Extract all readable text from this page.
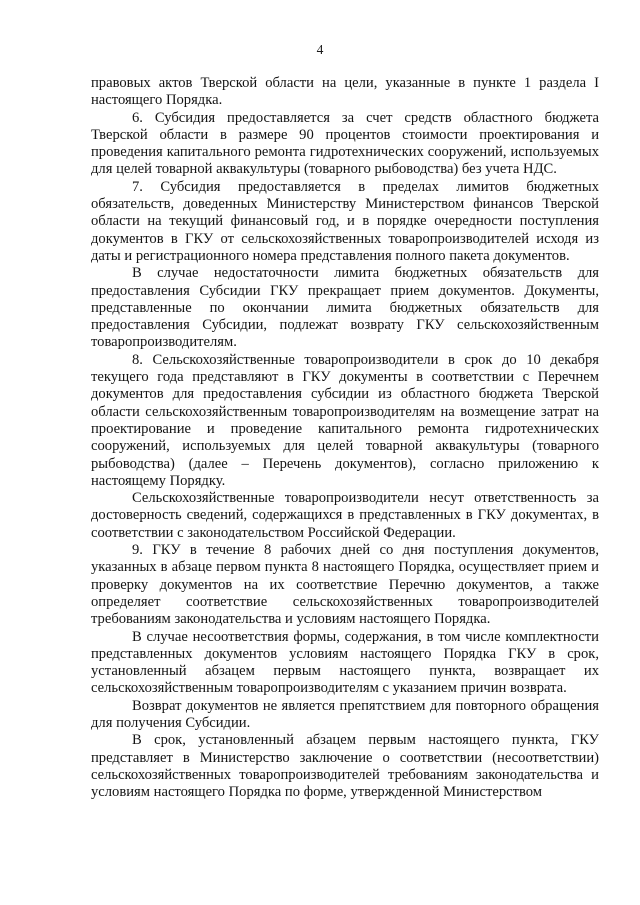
4

правовых актов Тверской области на цели, указанные в пункте 1 раздела I настоящего Порядка.

6. Субсидия предоставляется за счет средств областного бюджета Тверской области в размере 90 процентов стоимости проектирования и проведения капитального ремонта гидротехнических сооружений, используемых для целей товарной аквакультуры (товарного рыбоводства) без учета НДС.

7. Субсидия предоставляется в пределах лимитов бюджетных обязательств, доведенных Министерству Министерством финансов Тверской области на текущий финансовый год, и в порядке очередности поступления документов в ГКУ от сельскохозяйственных товаропроизводителей исходя из даты и регистрационного номера представления полного пакета документов.

В случае недостаточности лимита бюджетных обязательств для предоставления Субсидии ГКУ прекращает прием документов. Документы, представленные по окончании лимита бюджетных обязательств для предоставления Субсидии, подлежат возврату ГКУ сельскохозяйственным товаропроизводителям.

8. Сельскохозяйственные товаропроизводители в срок до 10 декабря текущего года представляют в ГКУ документы в соответствии с Перечнем документов для предоставления субсидии из областного бюджета Тверской области сельскохозяйственным товаропроизводителям на возмещение затрат на проектирование и проведение капитального ремонта гидротехнических сооружений, используемых для целей товарной аквакультуры (товарного рыбоводства) (далее – Перечень документов), согласно приложению к настоящему Порядку.

Сельскохозяйственные товаропроизводители несут ответственность за достоверность сведений, содержащихся в представленных в ГКУ документах, в соответствии с законодательством Российской Федерации.

9. ГКУ в течение 8 рабочих дней со дня поступления документов, указанных в абзаце первом пункта 8 настоящего Порядка, осуществляет прием и проверку документов на их соответствие Перечню документов, а также определяет соответствие сельскохозяйственных товаропроизводителей требованиям законодательства и условиям настоящего Порядка.

В случае несоответствия формы, содержания, в том числе комплектности представленных документов условиям настоящего Порядка ГКУ в срок, установленный абзацем первым настоящего пункта, возвращает их сельскохозяйственным товаропроизводителям с указанием причин возврата.

Возврат документов не является препятствием для повторного обращения для получения Субсидии.

В срок, установленный абзацем первым настоящего пункта, ГКУ представляет в Министерство заключение о соответствии (несоответствии) сельскохозяйственных товаропроизводителей требованиям законодательства и условиям настоящего Порядка по форме, утвержденной Министерством
